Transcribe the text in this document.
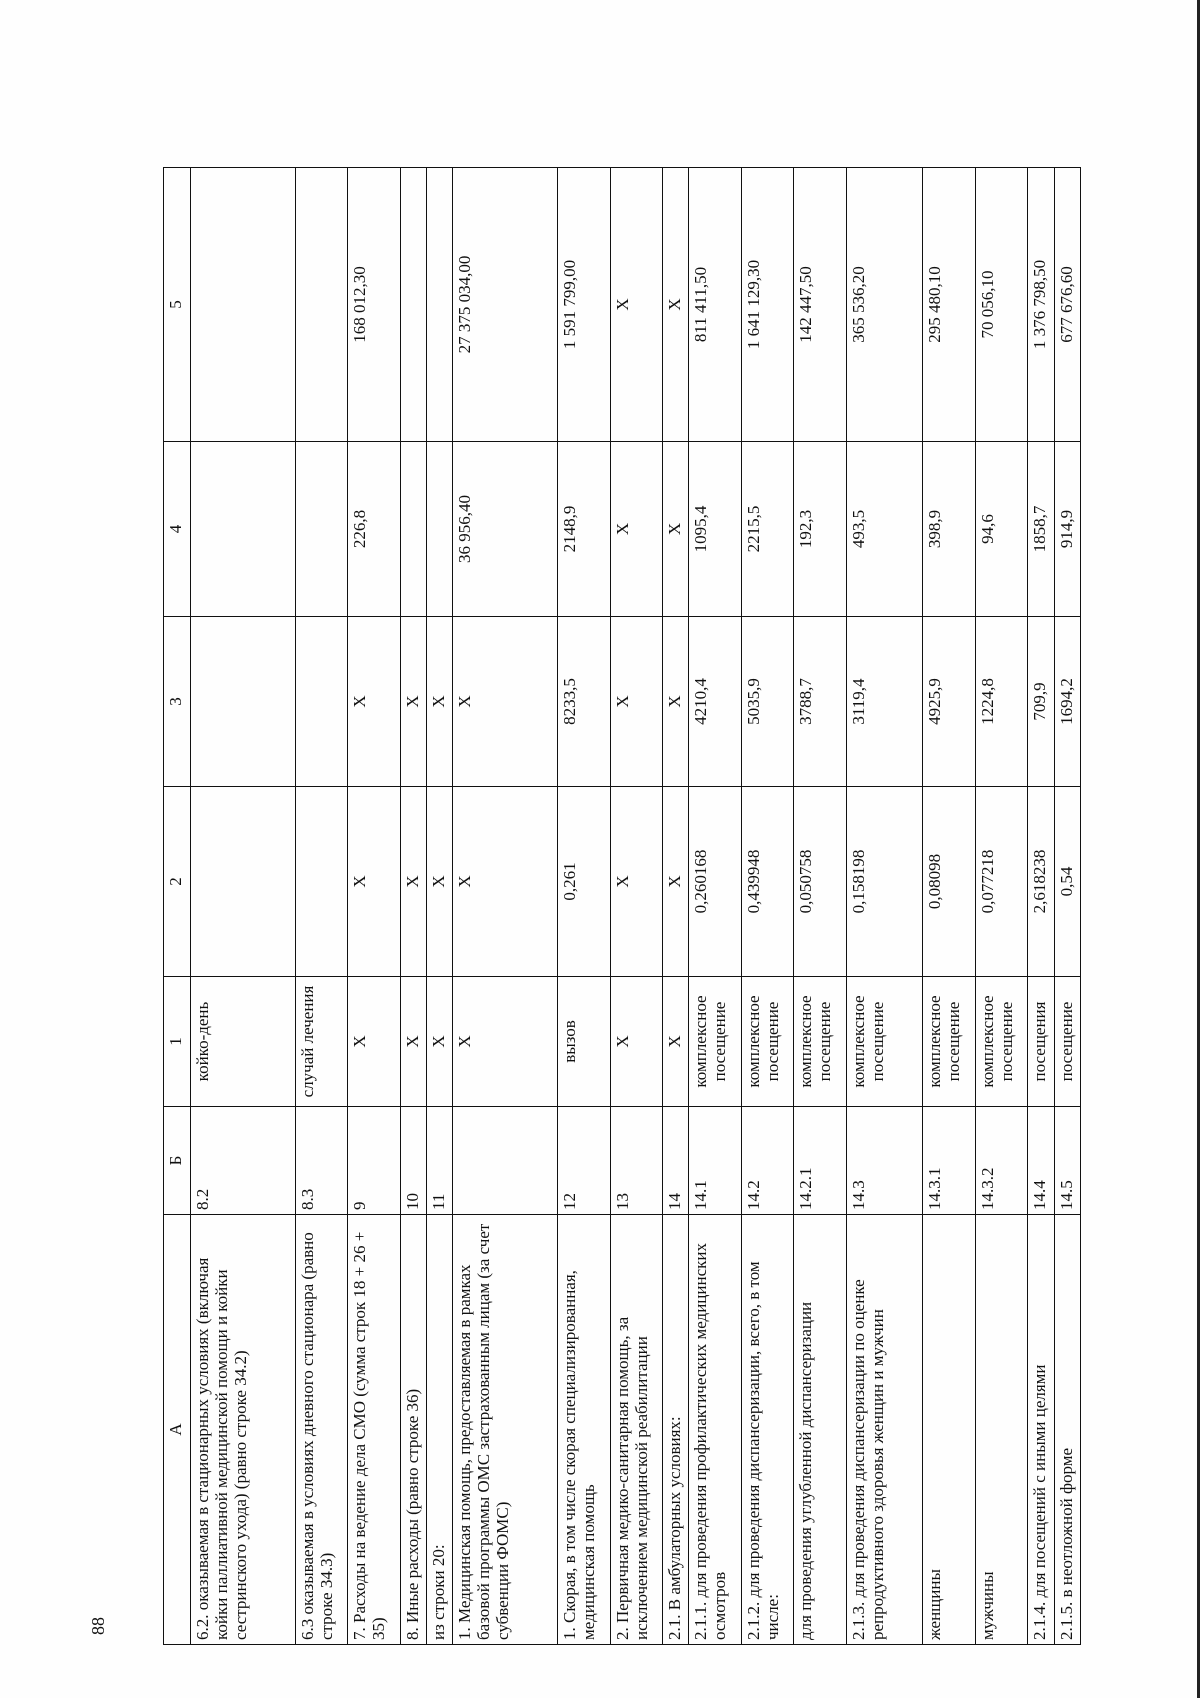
88
А	Б	1	2	3	4	5
6.2. оказываемая в стационарных условиях (включая койки паллиативной медицинской помощи и койки сестринского ухода) (равно строке 34.2)	8.2	койко-день				
6.3 оказываемая в условиях дневного стационара (равно строке 34.3)	8.3	случай лечения				
7. Расходы на ведение дела СМО (сумма строк 18 + 26 + 35)	9	Х	Х	Х	226,8	168 012,30
8. Иные расходы (равно строке 36)	10	Х	Х	Х		
из строки 20:	11	Х	Х	Х		
1. Медицинская помощь, предоставляемая в рамках базовой программы ОМС застрахованным лицам (за счет субвенции ФОМС)		Х	Х	Х	36 956,40	27 375 034,00
1. Скорая, в том числе скорая специализированная, медицинская помощь	12	вызов	0,261	8233,5	2148,9	1 591 799,00
2. Первичная медико-санитарная помощь, за исключением медицинской реабилитации	13	Х	Х	Х	Х	Х
2.1. В амбулаторных условиях:	14	Х	Х	Х	Х	Х
2.1.1. для проведения профилактических медицинских осмотров	14.1	комплексное посещение	0,260168	4210,4	1095,4	811 411,50
2.1.2. для проведения диспансеризации, всего, в том числе:	14.2	комплексное посещение	0,439948	5035,9	2215,5	1 641 129,30
для проведения углубленной диспансеризации	14.2.1	комплексное посещение	0,050758	3788,7	192,3	142 447,50
2.1.3. для проведения диспансеризации по оценке репродуктивного здоровья женщин и мужчин	14.3	комплексное посещение	0,158198	3119,4	493,5	365 536,20
женщины	14.3.1	комплексное посещение	0,08098	4925,9	398,9	295 480,10
мужчины	14.3.2	комплексное посещение	0,077218	1224,8	94,6	70 056,10
2.1.4. для посещений с иными целями	14.4	посещения	2,618238	709,9	1858,7	1 376 798,50
2.1.5. в неотложной форме	14.5	посещение	0,54	1694,2	914,9	677 676,60
